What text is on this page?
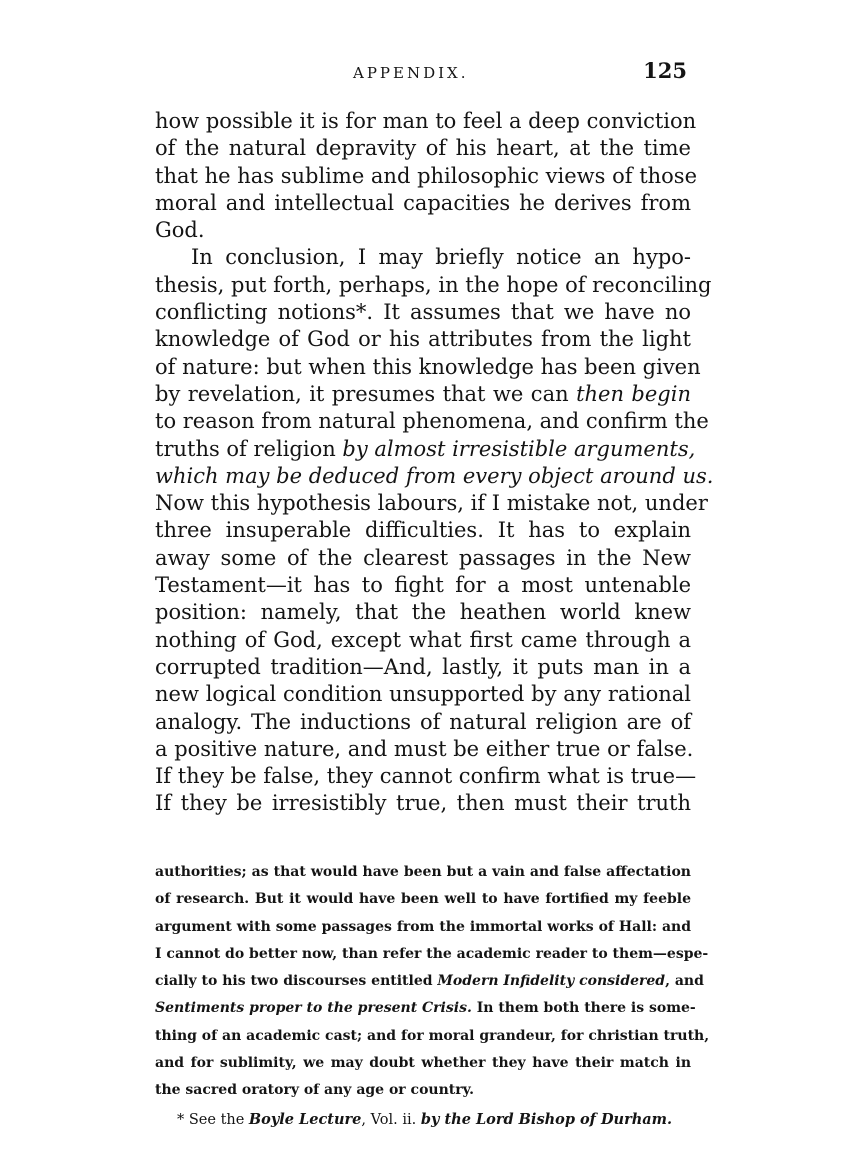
APPENDIX.	125
how possible it is for man to feel a deep conviction
of the natural depravity of his heart, at the time
that he has sublime and philosophic views of those
moral and intellectual capacities he derives from
God.
In conclusion, I may briefly notice an hypo-
thesis, put forth, perhaps, in the hope of reconciling
conflicting notions*. It assumes that we have no
knowledge of God or his attributes from the light
of nature: but when this knowledge has been given
by revelation, it presumes that we can then begin
to reason from natural phenomena, and confirm the
truths of religion by almost irresistible arguments,
which may be deduced from every object around us.
Now this hypothesis labours, if I mistake not, under
three insuperable difficulties. It has to explain
away some of the clearest passages in the New
Testament—it has to fight for a most untenable
position: namely, that the heathen world knew
nothing of God, except what first came through a
corrupted tradition—And, lastly, it puts man in a
new logical condition unsupported by any rational
analogy. The inductions of natural religion are of
a positive nature, and must be either true or false.
If they be false, they cannot confirm what is true—
If they be irresistibly true, then must their truth
authorities; as that would have been but a vain and false affectation
of research. But it would have been well to have fortified my feeble
argument with some passages from the immortal works of Hall: and
I cannot do better now, than refer the academic reader to them—espe-
cially to his two discourses entitled Modern Infidelity considered, and
Sentiments proper to the present Crisis. In them both there is some-
thing of an academic cast; and for moral grandeur, for christian truth,
and for sublimity, we may doubt whether they have their match in
the sacred oratory of any age or country.
* See the Boyle Lecture, Vol. ii. by the Lord Bishop of Durham.
